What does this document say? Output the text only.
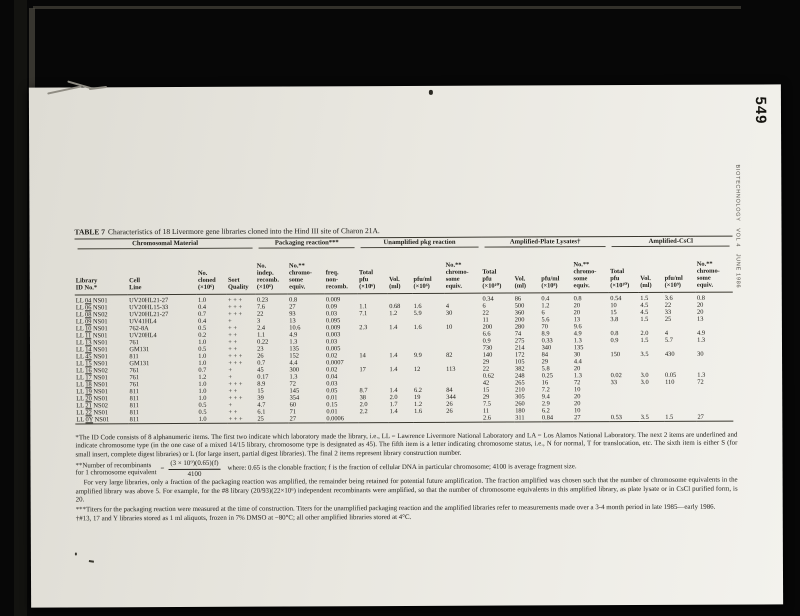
549
BIOTECHNOLOGY   VOL 4   JUNE 1986
TABLE 7 Characteristics of 18 Livermore gene libraries cloned into the Hind III site of Charon 21A.
Chromosomal Material				Packaging reaction***			Unamplified pkg reaction				Amplified-Plate Lysates†				Amplified-CsCl			

Library
ID No.*	Cell
Line	No.
cloned
(×10⁶)	Sort
Quality	No.
indep.
recomb.
(×10⁶)	No.**
chromo-
some
equiv.	freq.
non-
recomb.	Total
pfu
(×10⁶)	Vol.
(ml)	pfu/ml
(×10⁶)	No.**
chromo-
some
equiv.	Total
pfu
(×10¹⁰)	Vol.
(ml)	pfu/ml
(×10⁸)	No.**
chromo-
some
equiv.	Total
pfu
(×10¹⁰)	Vol.
(ml)	pfu/ml
(×10⁹)	No.**
chromo-
some
equiv.
LL 04 NS01	UV20HL21-27	1.0	+ + +	0.23	0.8	0.009					0.34	86	0.4	0.8	0.54	1.5	3.6	0.8
LL 06 NS01	UV20HL15-33	0.4	+ + +	7.6	27	0.09	1.1	0.68	1.6	4	6	500	1.2	20	10	4.5	22	20
LL 08 NS02	UV20HL21-27	0.7	+ + +	22	93	0.03	7.1	1.2	5.9	30	22	360	6	20	15	4.5	33	20
LL 09 NS01	UV41HL4	0.4	+	3	13	0.095					11	200	5.6	13	3.8	1.5	25	13
LL 10 NS01	762-8A	0.5	+ +	2.4	10.6	0.009	2.3	1.4	1.6	10	200	280	70	9.6				
LL 11 NS01	UV20HL4	0.2	+ +	1.1	4.9	0.003					6.6	74	8.9	4.9	0.8	2.0	4	4.9
LL 13 NS01	761	1.0	+ +	0.22	1.3	0.03					0.9	275	0.33	1.3	0.9	1.5	5.7	1.3
LL 14 NS01	GM131	0.5	+ +	23	135	0.005					730	214	340	135				
LL 45 NS01	811	1.0	+ + +	26	152	0.02	14	1.4	9.9	82	140	172	84	30	150	3.5	430	30
LL 15 NS01	GM131	1.0	+ + +	0.7	4.4	0.0007					29	105	29	4.4				
LL 16 NS02	761	0.7	+	45	300	0.02	17	1.4	12	113	22	382	5.8	20				
LL 17 NS01	761	1.2	+	0.17	1.3	0.04					0.62	248	0.25	1.3	0.02	3.0	0.05	1.3
LL 18 NS01	761	1.0	+ + +	8.9	72	0.03					42	265	16	72	33	3.0	110	72
LL 19 NS01	811	1.0	+ +	15	145	0.05	8.7	1.4	6.2	84	15	210	7.2	10				
LL 20 NS01	811	1.0	+ + +	39	354	0.01	38	2.0	19	344	29	305	9.4	20				
LL 21 NS02	811	0.5	+	4.7	60	0.15	2.0	1.7	1.2	26	7.5	260	2.9	20				
LL 22 NS01	811	0.5	+ +	6.1	71	0.01	2.2	1.4	1.6	26	11	180	6.2	10				
LL 0Y NS01	811	1.0	+ + +	25	27	0.0006					2.6	311	0.84	27	0.53	3.5	1.5	27

*The ID Code consists of 8 alphanumeric items. The first two indicate which laboratory made the library, i.e., LL = Lawrence Livermore National Laboratory and LA = Los Alamos National Laboratory. The next 2 items are underlined and indicate chromosome type (in the one case of a mixed 14/15 library, chromosome type is designated as 45). The fifth item is a letter indicating chromosome status, i.e., N for normal, T for translocation, etc. The sixth item is either S (for small insert, complete digest libraries) or L (for large insert, partial digest libraries). The final 2 items represent library construction number.

**Number of recombinants
for 1 chromosome equivalent
= $\frac{\text{(3 × 10⁹)(0.65)(f)}}{4100}$ where: 0.65 is the clonable fraction; f is the fraction of cellular DNA in particular chromosome; 4100 is average fragment size.

For very large libraries, only a fraction of the packaging reaction was amplified, the remainder being retained for potential future amplification. The fraction amplified was chosen such that the number of chromosome equivalents in the amplified library was above 5. For example, for the #8 library (20/93)(22×10⁶) independent recombinants were amplified, so that the number of chromosome equivalents in this amplified library, as plate lysate or in CsCl purified form, is 20.

***Titers for the packaging reaction were measured at the time of construction. Titers for the unamplified packaging reaction and the amplified libraries refer to measurements made over a 3-4 month period in late 1985—early 1986.

†#13, 17 and Y libraries stored as 1 ml aliquots, frozen in 7% DMSO at −80°C; all other amplified libraries stored at 4°C.
